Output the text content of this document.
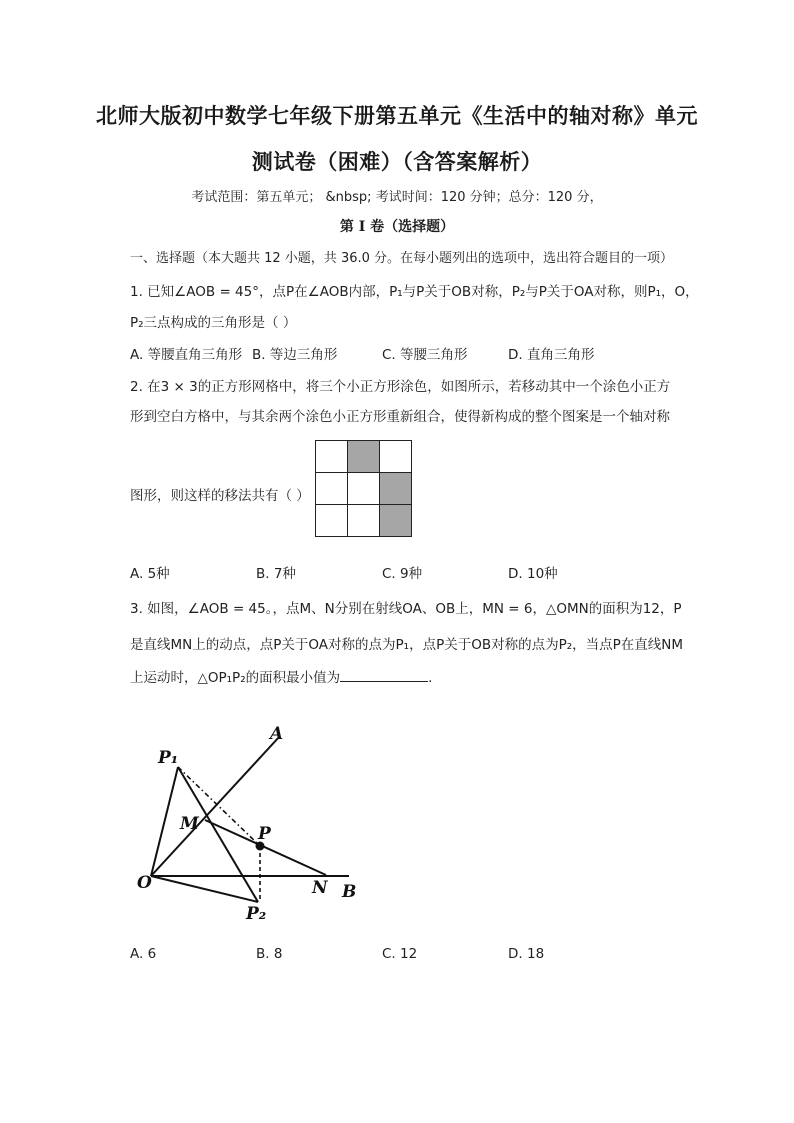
北师大版初中数学七年级下册第五单元《生活中的轴对称》单元
测试卷（困难）（含答案解析）
考试范围：第五单元； &nbsp; 考试时间：120 分钟；总分：120 分，
第 I 卷（选择题）
一、选择题（本大题共 12 小题，共 36.0 分。在每小题列出的选项中，选出符合题目的一项）
1. 已知∠AOB = 45°，点P在∠AOB内部，P₁与P关于OB对称，P₂与P关于OA对称，则P₁，O，
P₂三点构成的三角形是（ ）
A. 等腰直角三角形 B. 等边三角形	C. 等腰三角形	D. 直角三角形
2. 在3 × 3的正方形网格中，将三个小正方形涂色，如图所示，若移动其中一个涂色小正方
形到空白方格中，与其余两个涂色小正方形重新组合，使得新构成的整个图案是一个轴对称
图形，则这样的移法共有（ ）

A. 5种	B. 7种	C. 9种	D. 10种
3. 如图，∠AOB = 45。，点M、N分别在射线OA、OB上，MN = 6，△OMN的面积为12，P
是直线MN上的动点，点P关于OA对称的点为P₁，点P关于OB对称的点为P₂，当点P在直线NM
上运动时，△OP₁P₂的面积最小值为	.
A
B
O
M
N
P
P₁
P₂
A. 6	B. 8	C. 12	D. 18
